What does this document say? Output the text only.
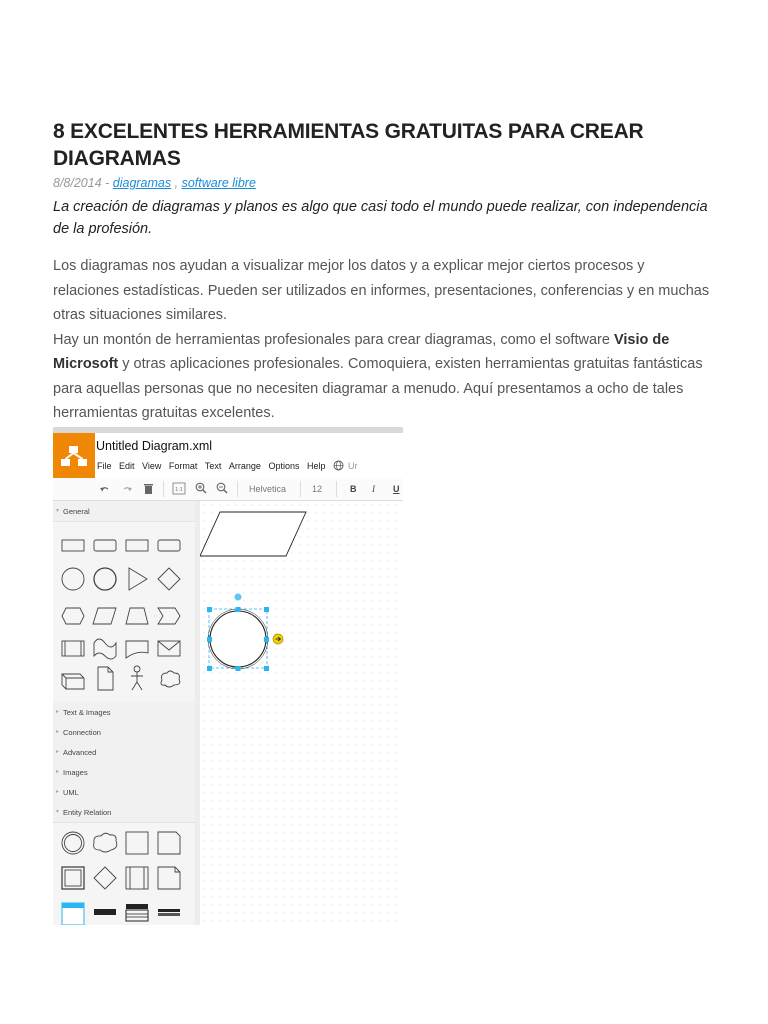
8 EXCELENTES HERRAMIENTAS GRATUITAS PARA CREAR DIAGRAMAS
8/8/2014 - diagramas , software libre
La creación de diagramas y planos es algo que casi todo el mundo puede realizar, con independencia de la profesión.

Los diagramas nos ayudan a visualizar mejor los datos y a explicar mejor ciertos procesos y relaciones estadísticas. Pueden ser utilizados en informes, presentaciones, conferencias y en muchas otras situaciones similares.

Hay un montón de herramientas profesionales para crear diagramas, como el software Visio de Microsoft y otras aplicaciones profesionales. Comoquiera, existen herramientas gratuitas fantásticas para aquellas personas que no necesiten diagramar a menudo. Aquí presentamos a ocho de tales herramientas gratuitas excelentes.

Untitled Diagram.xml
File Edit View Format Text Arrange Options Help	Ur
1:1	Helvetica	12	B I U
▾ General
▸ Text & Images
▸ Connection
▸ Advanced
▸ Images
▸ UML
▾ Entity Relation
